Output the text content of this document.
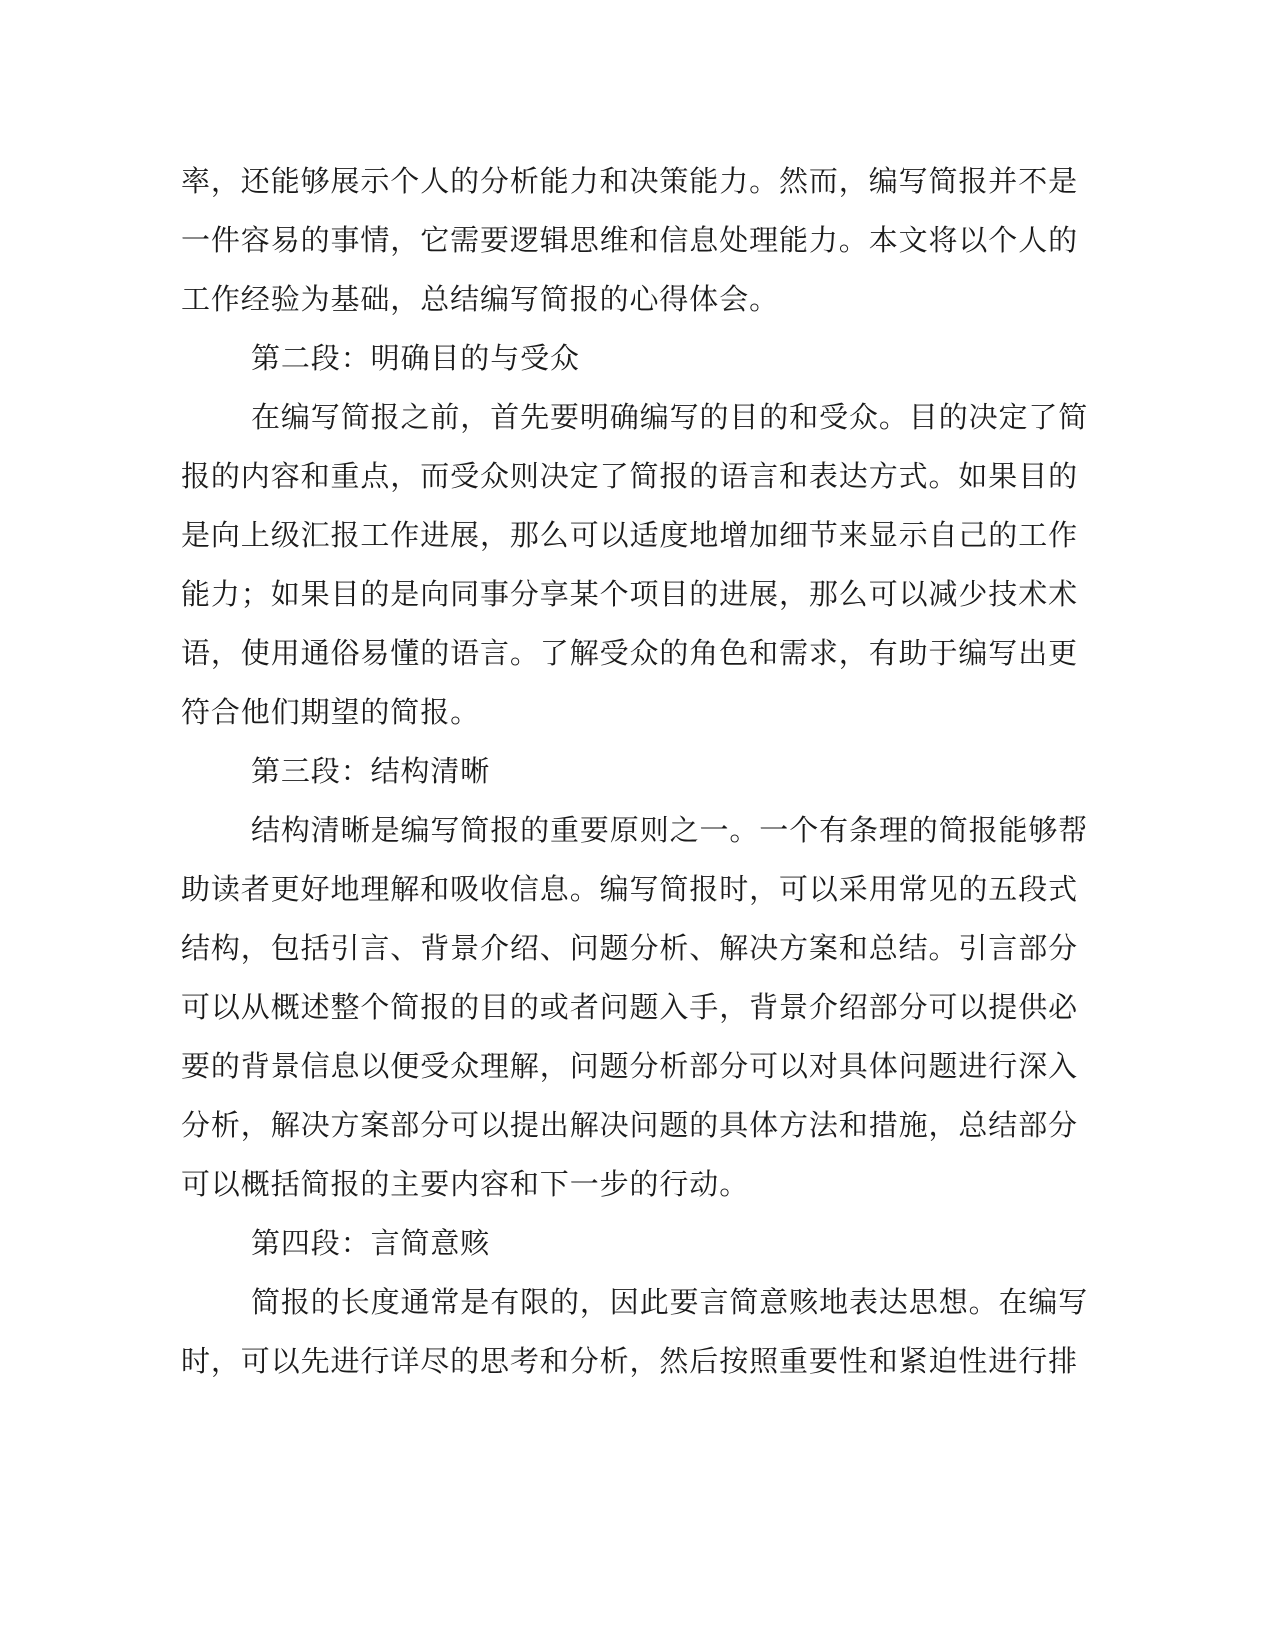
率，还能够展示个人的分析能力和决策能力。然而，编写简报并不是
一件容易的事情，它需要逻辑思维和信息处理能力。本文将以个人的
工作经验为基础，总结编写简报的心得体会。
第二段：明确目的与受众
在编写简报之前，首先要明确编写的目的和受众。目的决定了简
报的内容和重点，而受众则决定了简报的语言和表达方式。如果目的
是向上级汇报工作进展，那么可以适度地增加细节来显示自己的工作
能力；如果目的是向同事分享某个项目的进展，那么可以减少技术术
语，使用通俗易懂的语言。了解受众的角色和需求，有助于编写出更
符合他们期望的简报。
第三段：结构清晰
结构清晰是编写简报的重要原则之一。一个有条理的简报能够帮
助读者更好地理解和吸收信息。编写简报时，可以采用常见的五段式
结构，包括引言、背景介绍、问题分析、解决方案和总结。引言部分
可以从概述整个简报的目的或者问题入手，背景介绍部分可以提供必
要的背景信息以便受众理解，问题分析部分可以对具体问题进行深入
分析，解决方案部分可以提出解决问题的具体方法和措施，总结部分
可以概括简报的主要内容和下一步的行动。
第四段：言简意赅
简报的长度通常是有限的，因此要言简意赅地表达思想。在编写
时，可以先进行详尽的思考和分析，然后按照重要性和紧迫性进行排
